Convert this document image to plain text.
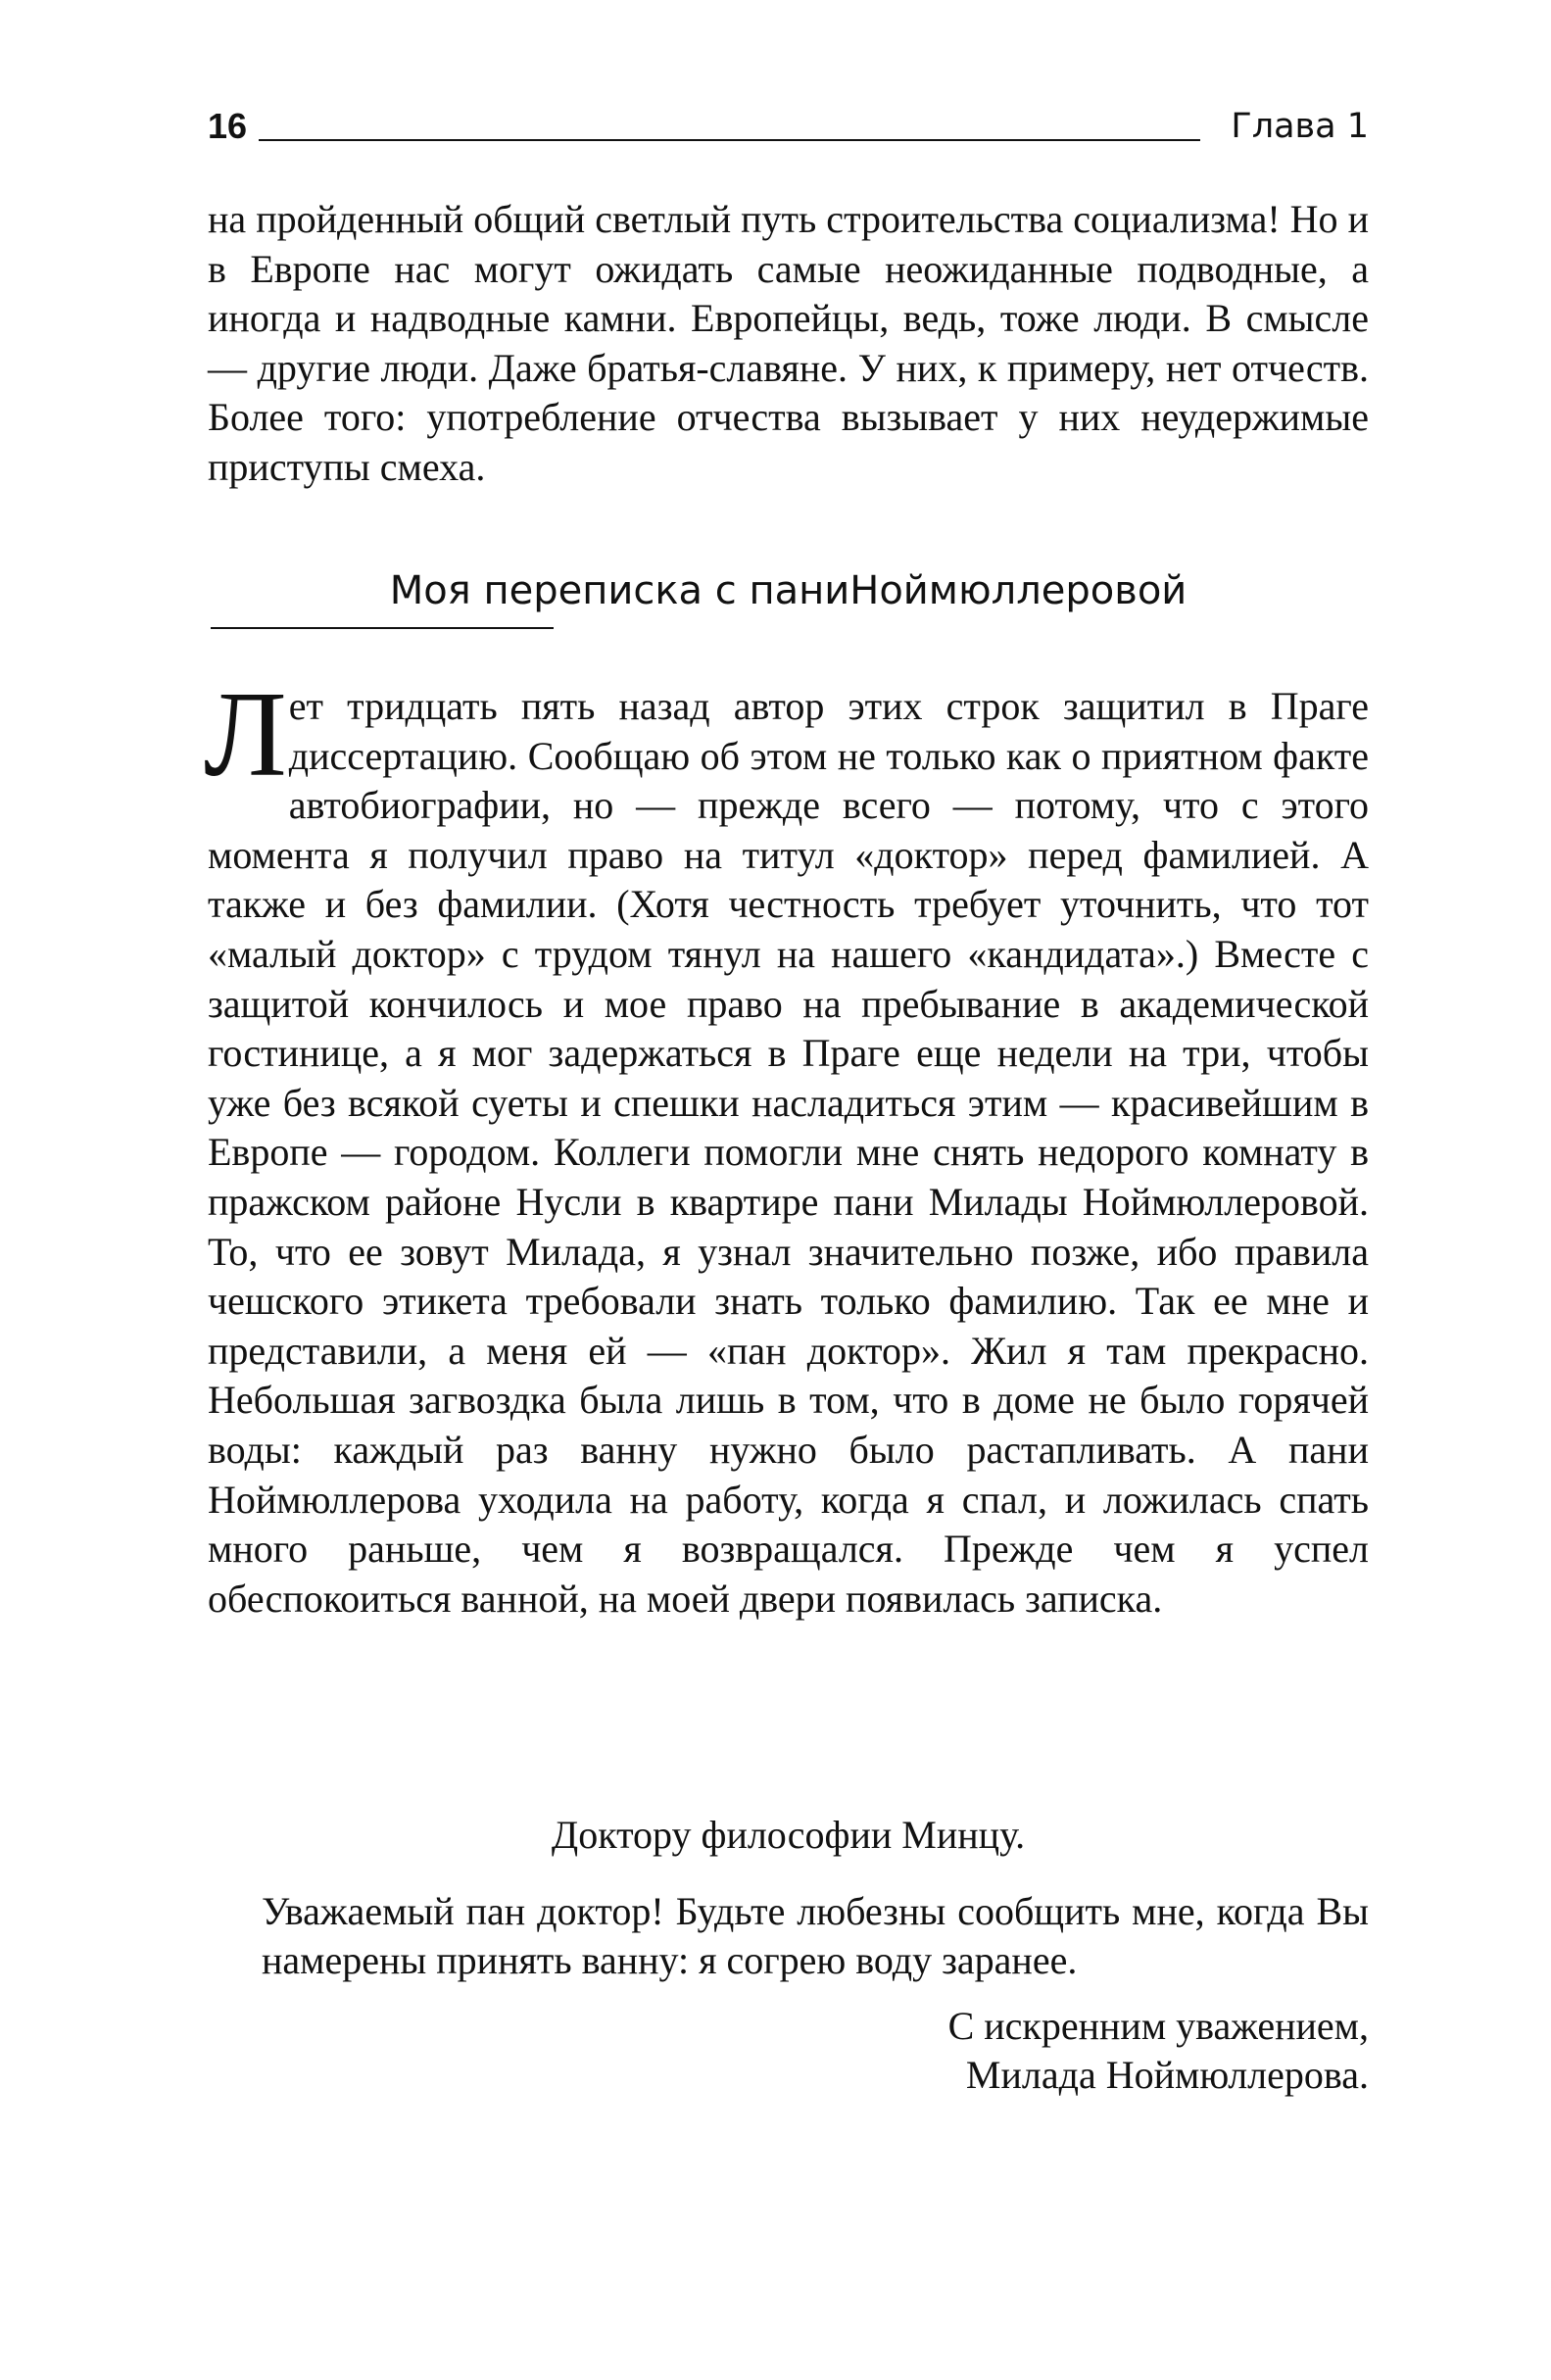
16	Глава 1

на пройденный общий светлый путь строительства социализма! Но и в Европе нас могут ожидать самые неожиданные подводные, а иногда и надводные камни. Европейцы, ведь, тоже люди. В смысле — другие люди. Даже братья-славяне. У них, к примеру, нет отчеств. Более того: употребление отчества вызывает у них неудержимые приступы смеха.

Моя переписка с паниНоймюллеровой

Лет тридцать пять назад автор этих строк защитил в Праге диссертацию. Сообщаю об этом не только как о приятном факте автобиографии, но — прежде всего — потому, что с этого момента я получил право на титул «доктор» перед фамилией. А также и без фамилии. (Хотя честность требует уточнить, что тот «малый доктор» с трудом тянул на нашего «кандидата».) Вместе с защитой кончилось и мое право на пребывание в академической гостинице, а я мог задержаться в Праге еще недели на три, чтобы уже без всякой суеты и спешки насладиться этим — красивейшим в Европе — городом. Коллеги помогли мне снять недорого комнату в пражском районе Нусли в квартире пани Милады Ноймюллеровой. То, что ее зовут Милада, я узнал значительно позже, ибо правила чешского этикета требовали знать только фамилию. Так ее мне и представили, а меня ей — «пан доктор». Жил я там прекрасно. Небольшая загвоздка была лишь в том, что в доме не было горячей воды: каждый раз ванну нужно было растапливать. А пани Ноймюллерова уходила на работу, когда я спал, и ложилась спать много раньше, чем я возвращался. Прежде чем я успел обеспокоиться ванной, на моей двери появилась записка.

Доктору философии Минцу.
Уважаемый пан доктор! Будьте любезны сообщить мне, когда Вы намерены принять ванну: я согрею воду заранее.
С искренним уважением,
Милада Ноймюллерова.
